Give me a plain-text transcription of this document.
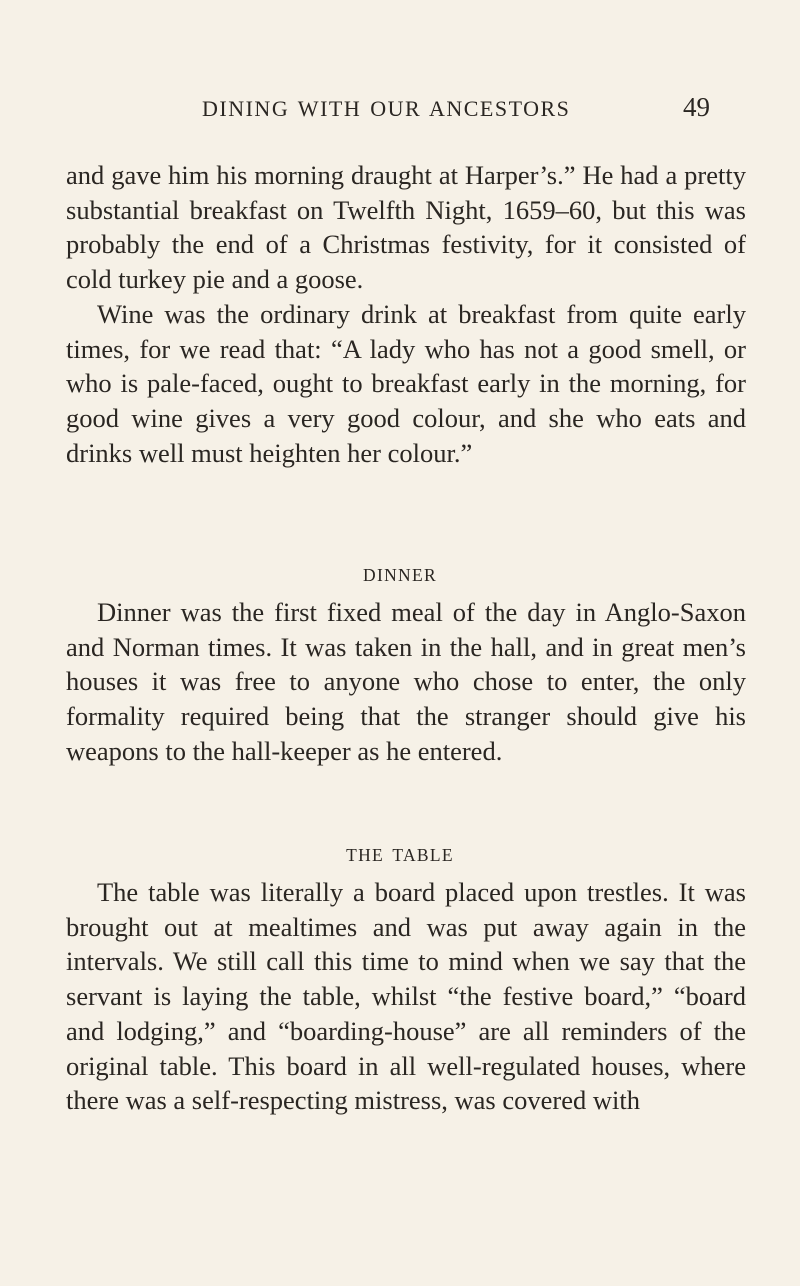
DINING WITH OUR ANCESTORS	49

and gave him his morning draught at Harper’s.” He had a pretty substantial breakfast on Twelfth Night, 1659–60, but this was probably the end of a Christmas festivity, for it consisted of cold turkey pie and a goose.

Wine was the ordinary drink at breakfast from quite early times, for we read that: “A lady who has not a good smell, or who is pale-faced, ought to breakfast early in the morning, for good wine gives a very good colour, and she who eats and drinks well must heighten her colour.”

DINNER

Dinner was the first fixed meal of the day in Anglo-Saxon and Norman times. It was taken in the hall, and in great men’s houses it was free to anyone who chose to enter, the only formality required being that the stranger should give his weapons to the hall-keeper as he entered.

THE TABLE

The table was literally a board placed upon trestles. It was brought out at mealtimes and was put away again in the intervals. We still call this time to mind when we say that the servant is laying the table, whilst “the festive board,” “board and lodging,” and “boarding-house” are all reminders of the original table. This board in all well-regulated houses, where there was a self-respecting mistress, was covered with
